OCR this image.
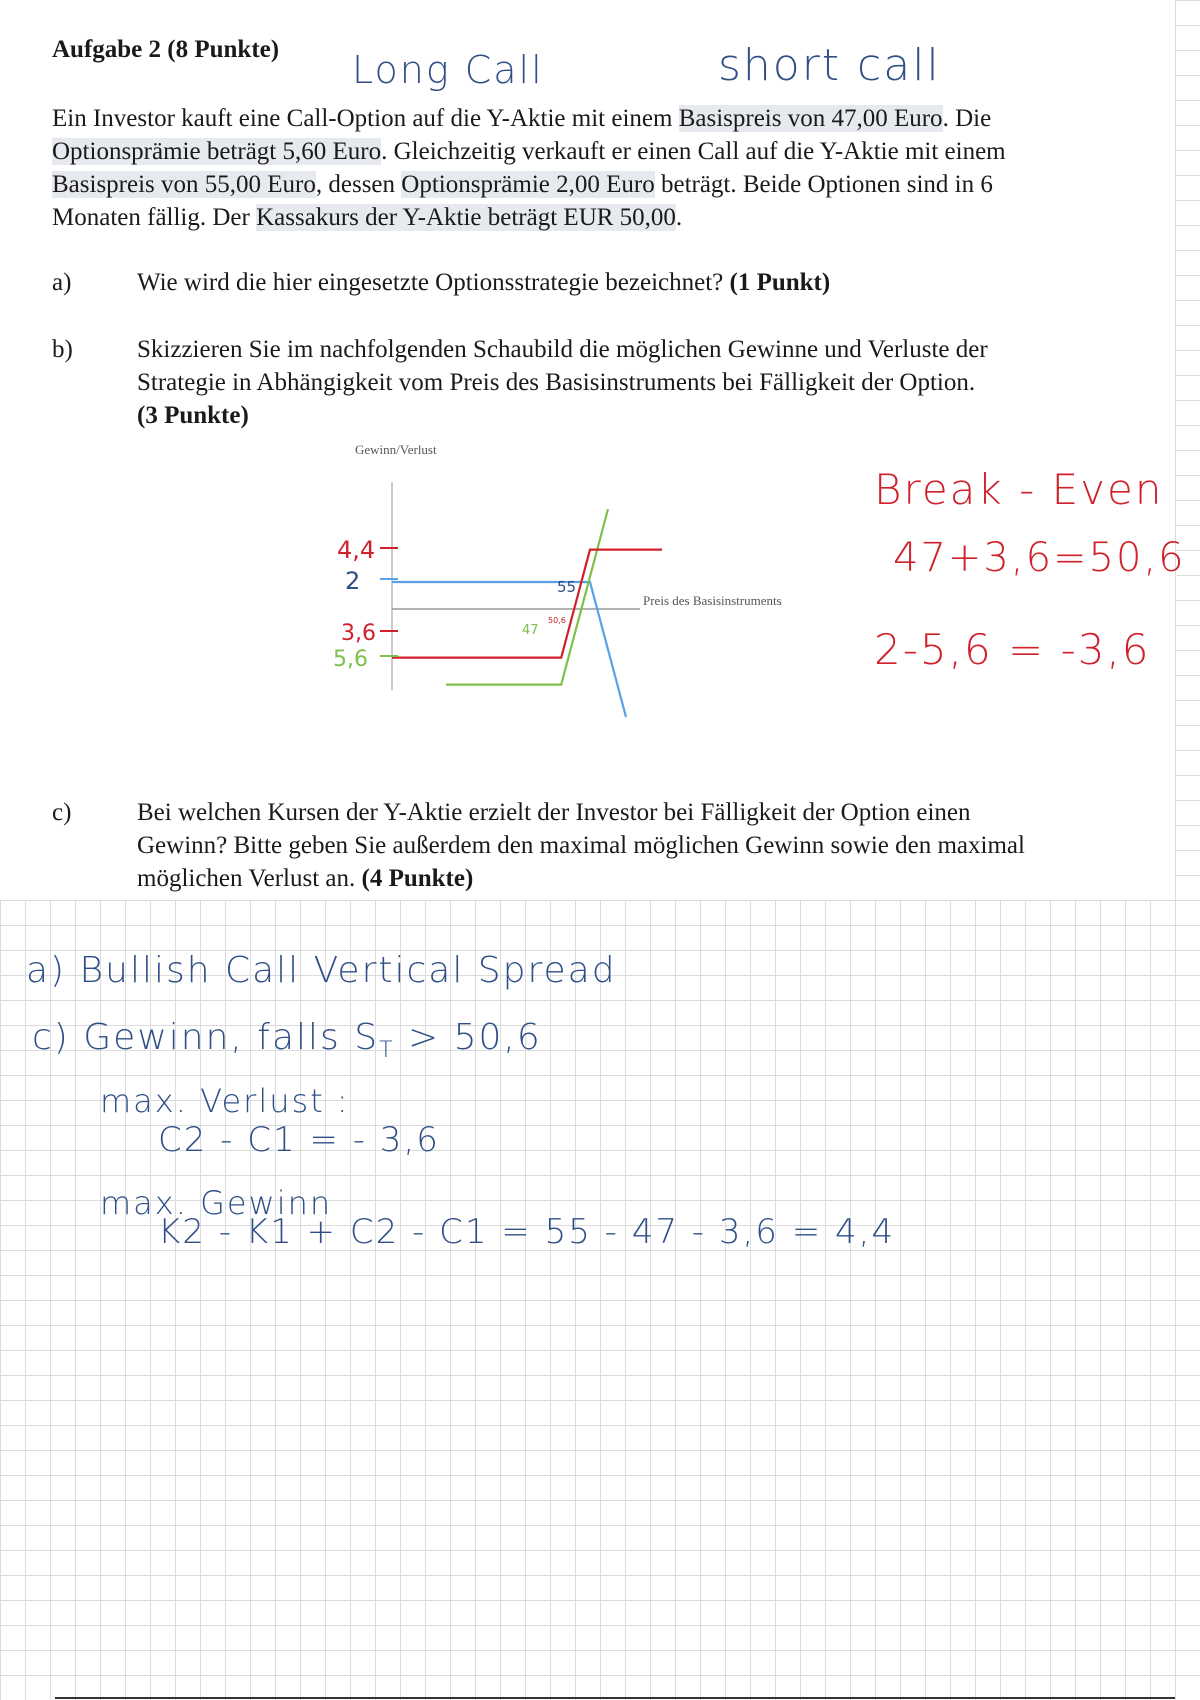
Aufgabe 2 (8 Punkte) Long Call	short call
Ein Investor kauft eine Call-Option auf die Y-Aktie mit einem Basispreis von 47,00 Euro. Die
Optionsprämie beträgt 5,60 Euro. Gleichzeitig verkauft er einen Call auf die Y-Aktie mit einem
Basispreis von 55,00 Euro, dessen Optionsprämie 2,00 Euro beträgt. Beide Optionen sind in 6
Monaten fällig. Der Kassakurs der Y-Aktie beträgt EUR 50,00.
a)	Wie wird die hier eingesetzte Optionsstrategie bezeichnet? (1 Punkt)
b)	Skizzieren Sie im nachfolgenden Schaubild die möglichen Gewinne und Verluste der
Strategie in Abhängigkeit vom Preis des Basisinstruments bei Fälligkeit der Option.
(3 Punkte)
Gewinn/Verlust
Preis des Basisinstruments
4,4
2
3,6
5,6
55
47
50,6
Break - Even
47+3,6=50,6
2-5,6 = -3,6
c)	Bei welchen Kursen der Y-Aktie erzielt der Investor bei Fälligkeit der Option einen
Gewinn? Bitte geben Sie außerdem den maximal möglichen Gewinn sowie den maximal
möglichen Verlust an. (4 Punkte)
a) Bullish Call Vertical Spread
c) Gewinn, falls $S_T > 50,6$
max. Verlust :
C2 - C1 = - 3,6
max. Gewinn
K2 - K1 + C2 - C1 = 55 - 47 - 3,6 = 4,4
